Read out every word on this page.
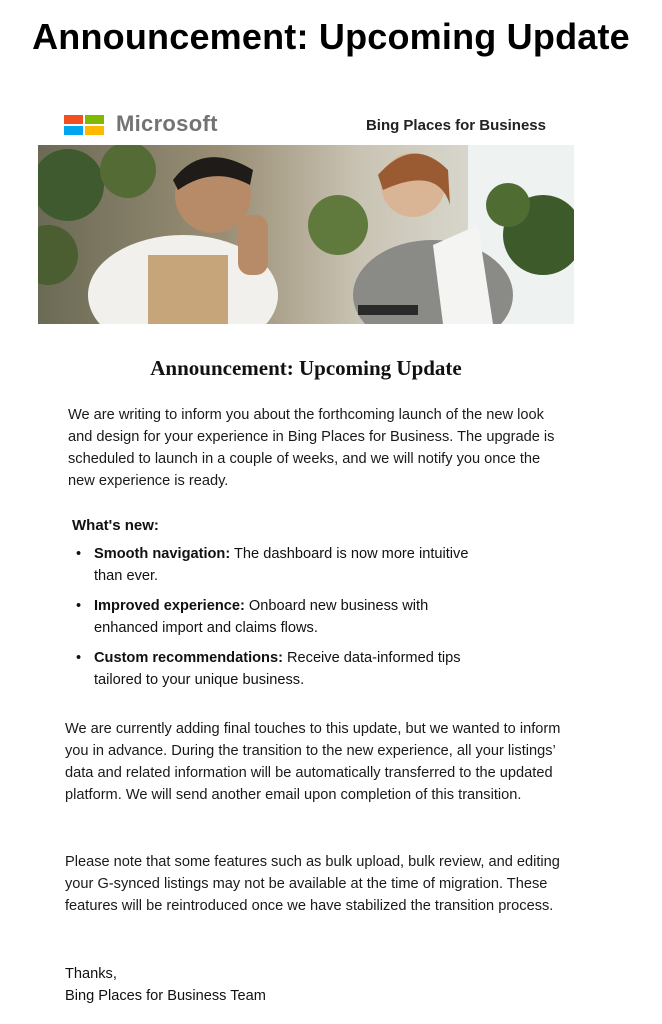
Announcement: Upcoming Update
Microsoft	Bing Places for Business
Announcement: Upcoming Update

We are writing to inform you about the forthcoming launch of the new look and design for your experience in Bing Places for Business. The upgrade is scheduled to launch in a couple of weeks, and we will notify you once the new experience is ready.

What's new:
• Smooth navigation: The dashboard is now more intuitive than ever.
• Improved experience: Onboard new business with enhanced import and claims flows.
• Custom recommendations: Receive data-informed tips tailored to your unique business.

We are currently adding final touches to this update, but we wanted to inform you in advance. During the transition to the new experience, all your listings’ data and related information will be automatically transferred to the updated platform. We will send another email upon completion of this transition.

Please note that some features such as bulk upload, bulk review, and editing your G-synced listings may not be available at the time of migration. These features will be reintroduced once we have stabilized the transition process.

Thanks,
Bing Places for Business Team
